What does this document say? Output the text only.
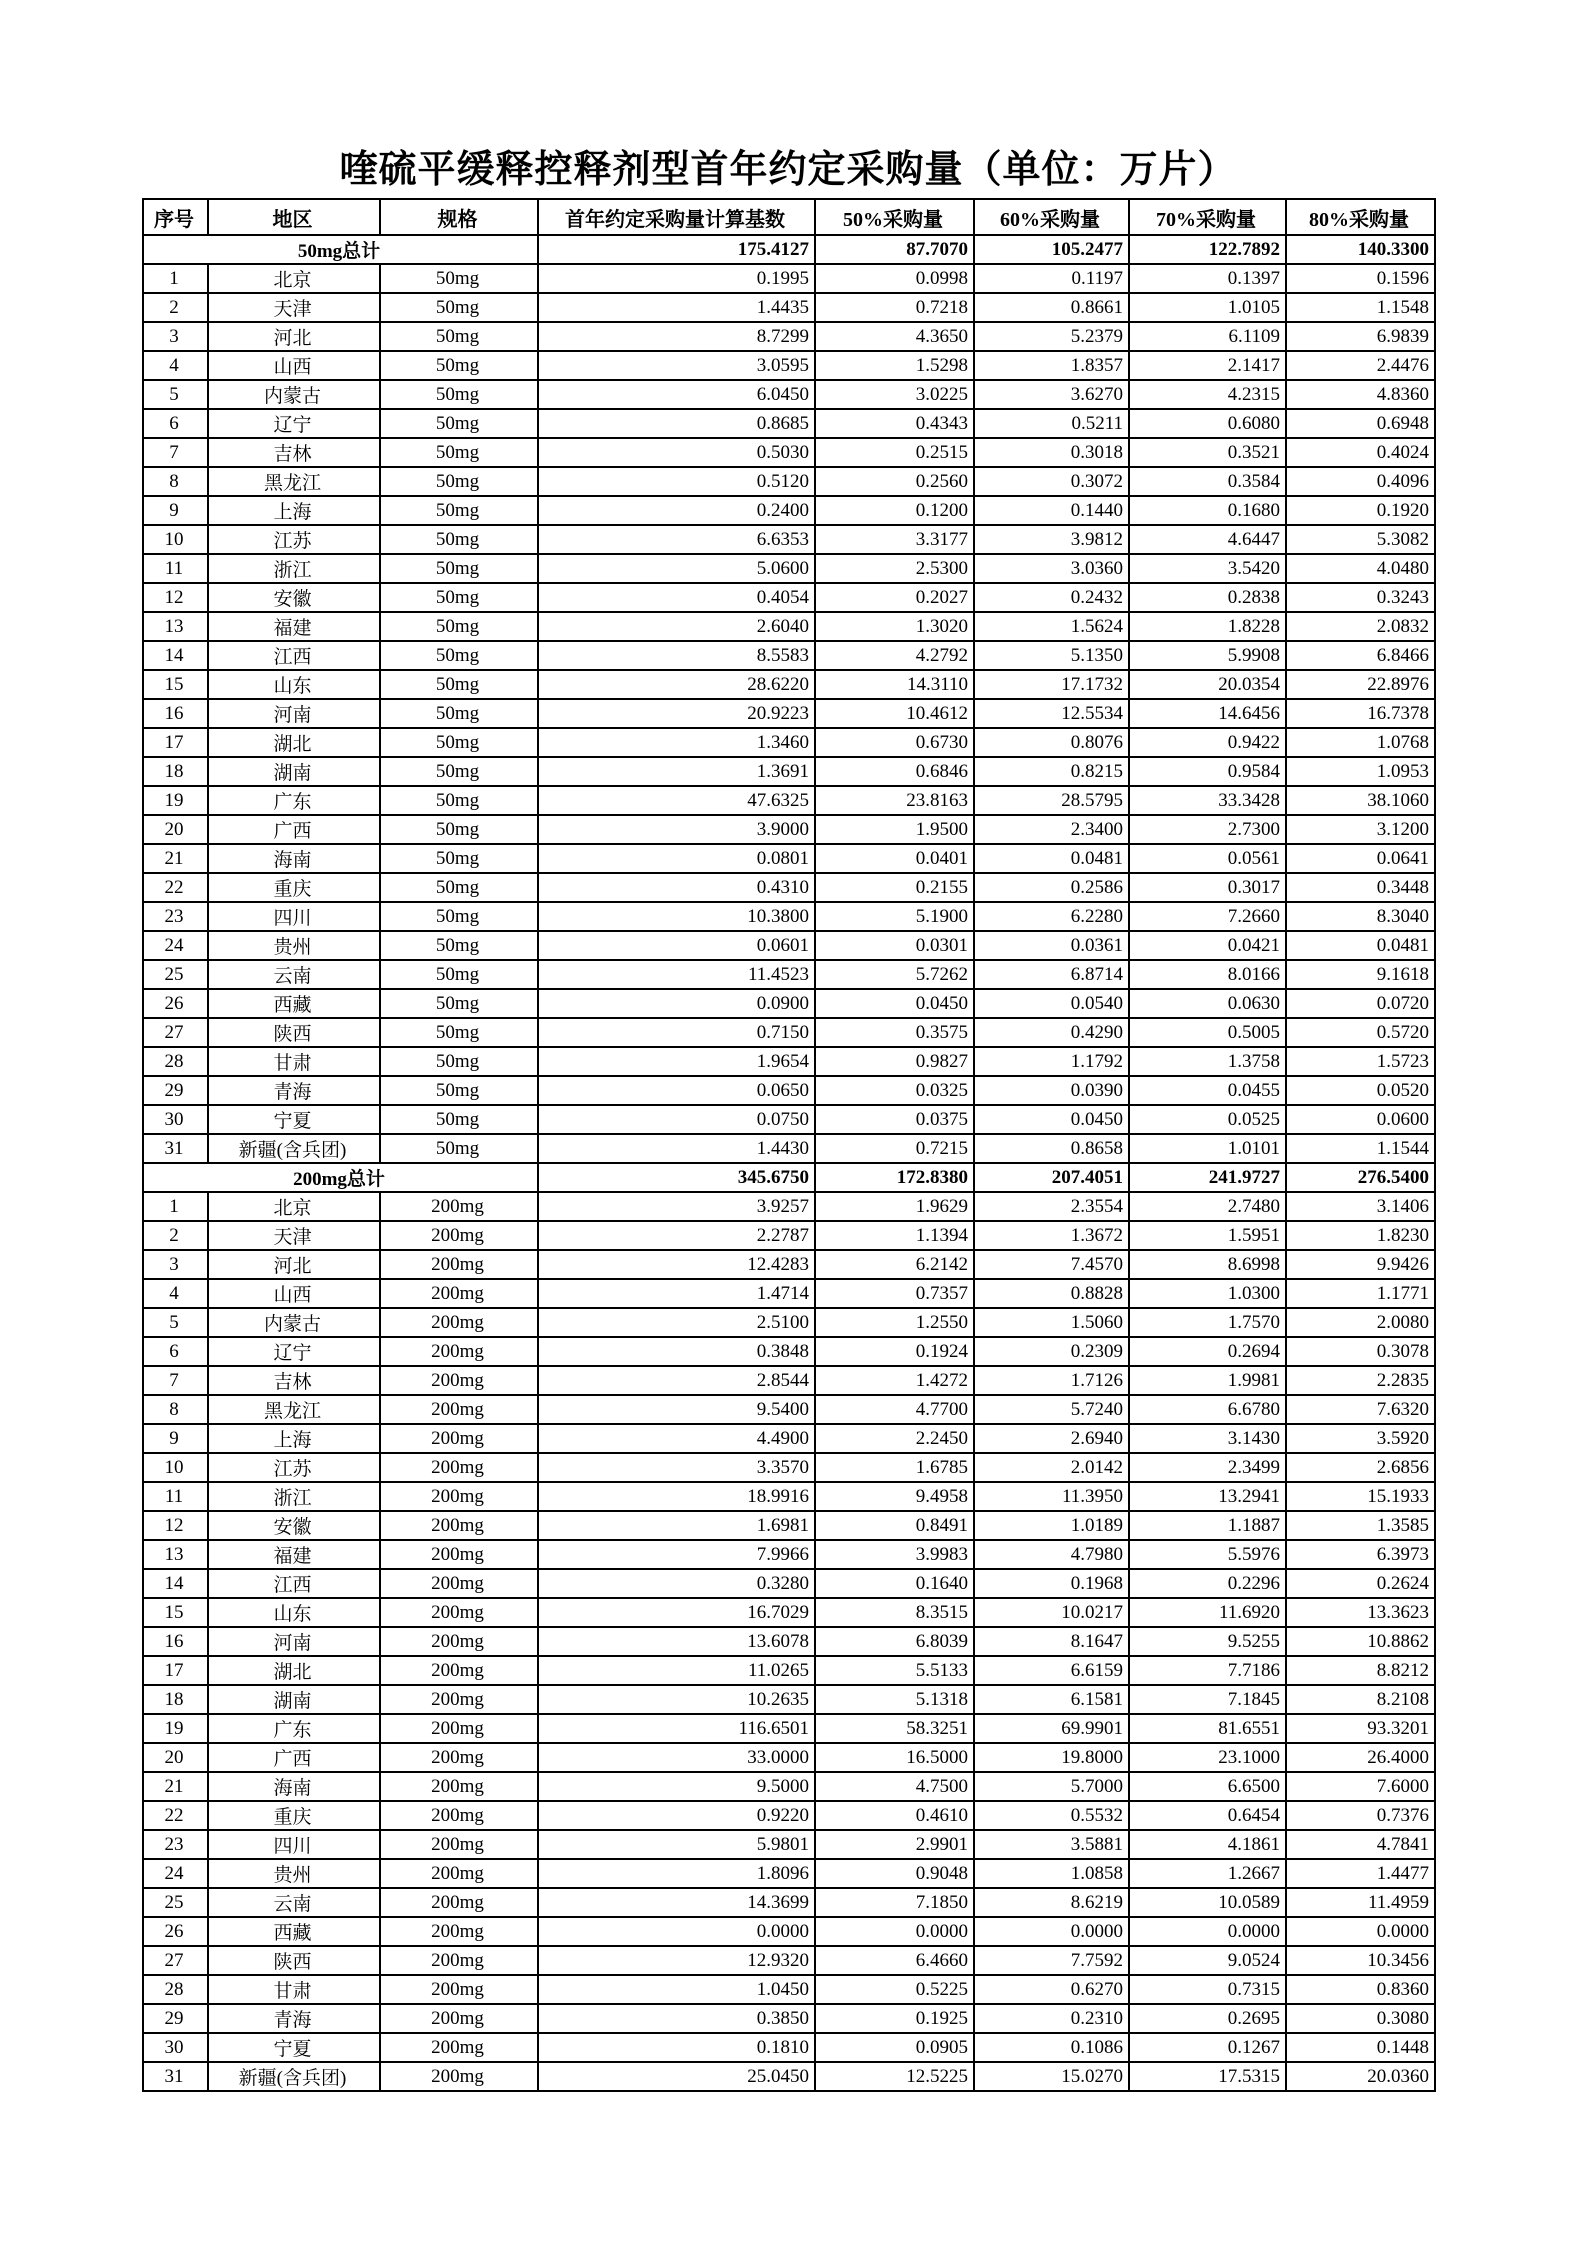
喹硫平缓释控释剂型首年约定采购量（单位：万片）
序号	地区	规格	首年约定采购量计算基数	50%采购量	60%采购量	70%采购量	80%采购量
50mg总计			175.4127	87.7070	105.2477	122.7892	140.3300
1	北京	50mg	0.1995	0.0998	0.1197	0.1397	0.1596
2	天津	50mg	1.4435	0.7218	0.8661	1.0105	1.1548
3	河北	50mg	8.7299	4.3650	5.2379	6.1109	6.9839
4	山西	50mg	3.0595	1.5298	1.8357	2.1417	2.4476
5	内蒙古	50mg	6.0450	3.0225	3.6270	4.2315	4.8360
6	辽宁	50mg	0.8685	0.4343	0.5211	0.6080	0.6948
7	吉林	50mg	0.5030	0.2515	0.3018	0.3521	0.4024
8	黑龙江	50mg	0.5120	0.2560	0.3072	0.3584	0.4096
9	上海	50mg	0.2400	0.1200	0.1440	0.1680	0.1920
10	江苏	50mg	6.6353	3.3177	3.9812	4.6447	5.3082
11	浙江	50mg	5.0600	2.5300	3.0360	3.5420	4.0480
12	安徽	50mg	0.4054	0.2027	0.2432	0.2838	0.3243
13	福建	50mg	2.6040	1.3020	1.5624	1.8228	2.0832
14	江西	50mg	8.5583	4.2792	5.1350	5.9908	6.8466
15	山东	50mg	28.6220	14.3110	17.1732	20.0354	22.8976
16	河南	50mg	20.9223	10.4612	12.5534	14.6456	16.7378
17	湖北	50mg	1.3460	0.6730	0.8076	0.9422	1.0768
18	湖南	50mg	1.3691	0.6846	0.8215	0.9584	1.0953
19	广东	50mg	47.6325	23.8163	28.5795	33.3428	38.1060
20	广西	50mg	3.9000	1.9500	2.3400	2.7300	3.1200
21	海南	50mg	0.0801	0.0401	0.0481	0.0561	0.0641
22	重庆	50mg	0.4310	0.2155	0.2586	0.3017	0.3448
23	四川	50mg	10.3800	5.1900	6.2280	7.2660	8.3040
24	贵州	50mg	0.0601	0.0301	0.0361	0.0421	0.0481
25	云南	50mg	11.4523	5.7262	6.8714	8.0166	9.1618
26	西藏	50mg	0.0900	0.0450	0.0540	0.0630	0.0720
27	陕西	50mg	0.7150	0.3575	0.4290	0.5005	0.5720
28	甘肃	50mg	1.9654	0.9827	1.1792	1.3758	1.5723
29	青海	50mg	0.0650	0.0325	0.0390	0.0455	0.0520
30	宁夏	50mg	0.0750	0.0375	0.0450	0.0525	0.0600
31	新疆(含兵团)	50mg	1.4430	0.7215	0.8658	1.0101	1.1544
200mg总计			345.6750	172.8380	207.4051	241.9727	276.5400
1	北京	200mg	3.9257	1.9629	2.3554	2.7480	3.1406
2	天津	200mg	2.2787	1.1394	1.3672	1.5951	1.8230
3	河北	200mg	12.4283	6.2142	7.4570	8.6998	9.9426
4	山西	200mg	1.4714	0.7357	0.8828	1.0300	1.1771
5	内蒙古	200mg	2.5100	1.2550	1.5060	1.7570	2.0080
6	辽宁	200mg	0.3848	0.1924	0.2309	0.2694	0.3078
7	吉林	200mg	2.8544	1.4272	1.7126	1.9981	2.2835
8	黑龙江	200mg	9.5400	4.7700	5.7240	6.6780	7.6320
9	上海	200mg	4.4900	2.2450	2.6940	3.1430	3.5920
10	江苏	200mg	3.3570	1.6785	2.0142	2.3499	2.6856
11	浙江	200mg	18.9916	9.4958	11.3950	13.2941	15.1933
12	安徽	200mg	1.6981	0.8491	1.0189	1.1887	1.3585
13	福建	200mg	7.9966	3.9983	4.7980	5.5976	6.3973
14	江西	200mg	0.3280	0.1640	0.1968	0.2296	0.2624
15	山东	200mg	16.7029	8.3515	10.0217	11.6920	13.3623
16	河南	200mg	13.6078	6.8039	8.1647	9.5255	10.8862
17	湖北	200mg	11.0265	5.5133	6.6159	7.7186	8.8212
18	湖南	200mg	10.2635	5.1318	6.1581	7.1845	8.2108
19	广东	200mg	116.6501	58.3251	69.9901	81.6551	93.3201
20	广西	200mg	33.0000	16.5000	19.8000	23.1000	26.4000
21	海南	200mg	9.5000	4.7500	5.7000	6.6500	7.6000
22	重庆	200mg	0.9220	0.4610	0.5532	0.6454	0.7376
23	四川	200mg	5.9801	2.9901	3.5881	4.1861	4.7841
24	贵州	200mg	1.8096	0.9048	1.0858	1.2667	1.4477
25	云南	200mg	14.3699	7.1850	8.6219	10.0589	11.4959
26	西藏	200mg	0.0000	0.0000	0.0000	0.0000	0.0000
27	陕西	200mg	12.9320	6.4660	7.7592	9.0524	10.3456
28	甘肃	200mg	1.0450	0.5225	0.6270	0.7315	0.8360
29	青海	200mg	0.3850	0.1925	0.2310	0.2695	0.3080
30	宁夏	200mg	0.1810	0.0905	0.1086	0.1267	0.1448
31	新疆(含兵团)	200mg	25.0450	12.5225	15.0270	17.5315	20.0360
